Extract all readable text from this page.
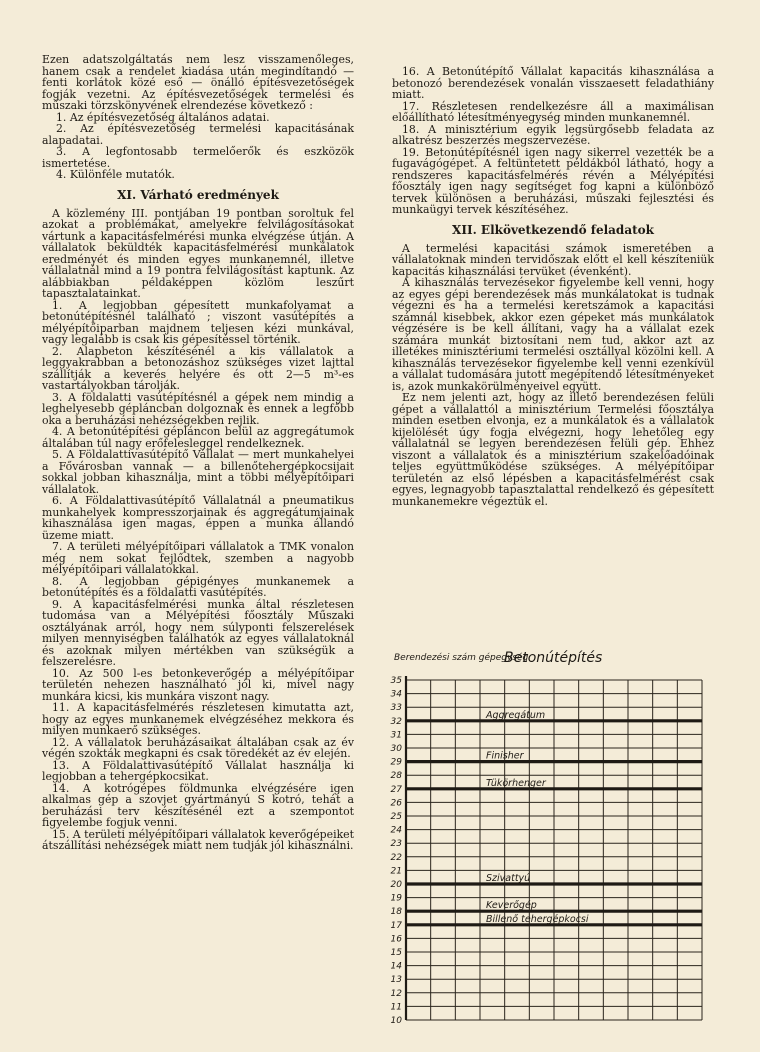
Ezen adatszolgáltatás nem lesz visszamenőleges, hanem csak a rendelet kiadása után megindítandó — fenti korlátok közé eső — önálló építésvezetőségek fogják vezetni. Az építésvezetőségek termelési és műszaki törzskönyvének elrendezése következő :

1. Az építésvezetőség általános adatai.

2. Az építésvezetőség termelési kapacitásának alapadatai.

3. A legfontosabb termelőerők és eszközök ismertetése.

4. Különféle mutatók.

XI. Várható eredmények

A közlemény III. pontjában 19 pontban soroltuk fel azokat a problémákat, amelyekre felvilágosításokat vártunk a kapacitásfelmérési munka elvégzése útján. A vállalatok beküldték kapacitásfelmérési munkálatok eredményét és minden egyes munkanemnél, illetve vállalatnál mind a 19 pontra felvilágosítást kaptunk. Az alábbiakban példaképpen közlöm leszűrt tapasztalatainkat.

1. A legjobban gépesített munkafolyamat a betonútépítésnél található ; viszont vasútépítés a mélyépítőiparban majdnem teljesen kézi munkával, vagy legalább is csak kis gépesítéssel történik.

2. Alapbeton készítésénél a kis vállalatok a leggyakrabban a betonozáshoz szükséges vizet lajttal szállítják a keverés helyére és ott 2—5 m³-es vastartályokban tárolják.

3. A földalatti vasútépítésnél a gépek nem mindig a leghelyesebb gépláncban dolgoznak és ennek a legfőbb oka a beruházási nehézségekben rejlik.

4. A betonútépítési gépláncon belül az aggregátumok általában túl nagy erőfelesleggel rendelkeznek.

5. A Földalattivasútépítő Vállalat — mert munkahelyei a Fővárosban vannak — a billenőtehergépkocsijait sokkal jobban kihasználja, mint a többi mélyépítőipari vállalatok.

6. A Földalattivasútépítő Vállalatnál a pneumatikus munkahelyek kompresszorjainak és aggregátumjainak kihasználása igen magas, éppen a munka állandó üzeme miatt.

7. A területi mélyépítőipari vállalatok a TMK vonalon még nem sokat fejlődtek, szemben a nagyobb mélyépítőipari vállalatokkal.

8. A legjobban gépigényes munkanemek a betonútépítés és a földalatti vasútépítés.

9. A kapacitásfelmérési munka által részletesen tudomása van a Mélyépítési főosztály Műszaki osztályának arról, hogy nem súlyponti felszerelések milyen mennyiségben találhatók az egyes vállalatoknál és azoknak milyen mértékben van szükségük a felszerelésre.

10. Az 500 l-es betonkeverőgép a mélyépítőipar területén nehezen használható jól ki, mivel nagy munkára kicsi, kis munkára viszont nagy.

11. A kapacitásfelmérés részletesen kimutatta azt, hogy az egyes munkanemek elvégzéséhez mekkora és milyen munkaerő szükséges.

12. A vállalatok beruházásaikat általában csak az év végén szokták megkapni és csak töredékét az év elején.

13. A Földalattivasútépítő Vállalat használja ki legjobban a tehergépkocsikat.

14. A kotrógépes földmunka elvégzésére igen alkalmas gép a szovjet gyártmányú S kotró, tehát a beruházási terv készítésénél ezt a szempontot figyelembe fogjuk venni.

15. A területi mélyépítőipari vállalatok keverőgépeiket átszállítási nehézségek miatt nem tudják jól kihasználni.

16. A Betonútépítő Vállalat kapacitás kihasználása a betonozó berendezések vonalán visszaesett feladathiány miatt.

17. Részletesen rendelkezésre áll a maximálisan előállítható létesítményegység minden munkanemnél.

18. A minisztérium egyik legsürgősebb feladata az alkatrész beszerzés megszervezése.

19. Betonútépítésnél igen nagy sikerrel vezették be a fugavágógépet. A feltüntetett példákból látható, hogy a rendszeres kapacitásfelmérés révén a Mélyépítési főosztály igen nagy segítséget fog kapni a különböző tervek különösen a beruházási, műszaki fejlesztési és munkaügyi tervek készítéséhez.

XII. Elkövetkezendő feladatok

A termelési kapacitási számok ismeretében a vállalatoknak minden tervidőszak előtt el kell készíteniük kapacitás kihasználási tervüket (évenként).

A kihasználás tervezésekor figyelembe kell venni, hogy az egyes gépi berendezések más munkálatokat is tudnak végezni és ha a termelési keretszámok a kapacitási számnál kisebbek, akkor ezen gépeket más munkálatok végzésére is be kell állítani, vagy ha a vállalat ezek számára munkát biztosítani nem tud, akkor azt az illetékes minisztériumi termelési osztállyal közölni kell. A kihasználás tervezésekor figyelembe kell venni ezenkívül a vállalat tudomására jutott megépítendő létesítményeket is, azok munkakörülményeivel együtt.

Ez nem jelenti azt, hogy az illető berendezésen felüli gépet a vállalattól a minisztérium Termelési főosztálya minden esetben elvonja, ez a munkálatok és a vállalatok kijelölését úgy fogja elvégezni, hogy lehetőleg egy vállalatnál se legyen berendezésen felüli gép. Ehhez viszont a vállalatok és a minisztérium szakelőadóinak teljes együttműködése szükséges. A mélyépítőipar területén az első lépésben a kapacitásfelmérést csak egyes, legnagyobb tapasztalattal rendelkező és gépesített munkanemekre végeztük el.

Berendezési szám gépegység
Betonútépítés
35
34
33
32
31
30
29
28
27
26
25
24
23
22
21
20
19
18
17
16
15
14
13
12
11
10
Aggregátum
Finisher
Tükörhenger
Szivattyú
Keverőgép
Billenő tehergépkocsi
